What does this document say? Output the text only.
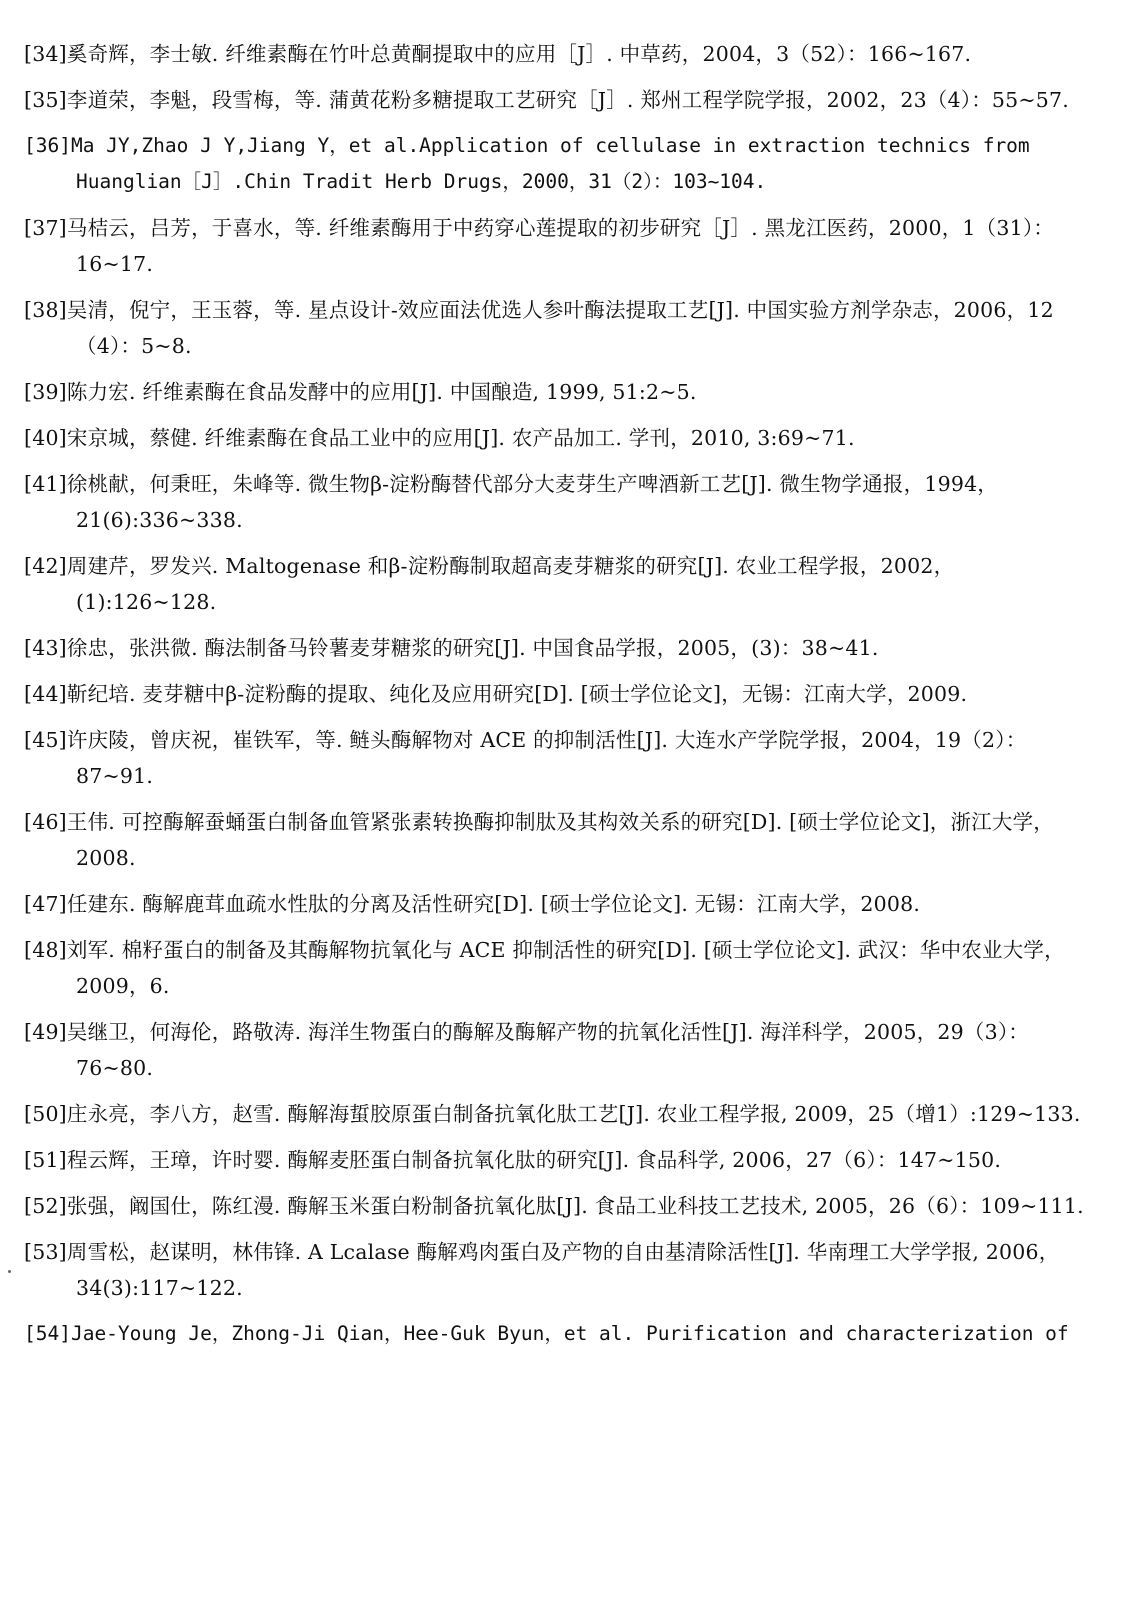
[34]奚奇辉，李士敏. 纤维素酶在竹叶总黄酮提取中的应用［J］. 中草药，2004，3（52）：166~167.
[35]李道荣，李魁，段雪梅，等. 蒲黄花粉多糖提取工艺研究［J］. 郑州工程学院学报，2002，23（4）：55~57.
[36]Ma JY,Zhao J Y,Jiang Y，et al.Application of cellulase in extraction technics from Huanglian［J］.Chin Tradit Herb Drugs，2000，31（2）：103~104.
[37]马桔云，吕芳，于喜水，等. 纤维素酶用于中药穿心莲提取的初步研究［J］. 黑龙江医药，2000，1（31）：16~17.
[38]吴清，倪宁，王玉蓉，等. 星点设计-效应面法优选人参叶酶法提取工艺[J]. 中国实验方剂学杂志，2006，12（4）：5~8.
[39]陈力宏. 纤维素酶在食品发酵中的应用[J]. 中国酿造, 1999, 51:2~5.
[40]宋京城，蔡健. 纤维素酶在食品工业中的应用[J]. 农产品加工. 学刊，2010, 3:69~71.
[41]徐桃献，何秉旺，朱峰等. 微生物β-淀粉酶替代部分大麦芽生产啤酒新工艺[J]. 微生物学通报，1994，21(6):336~338.
[42]周建芹，罗发兴. Maltogenase 和β-淀粉酶制取超高麦芽糖浆的研究[J]. 农业工程学报，2002，(1):126~128.
[43]徐忠，张洪微. 酶法制备马铃薯麦芽糖浆的研究[J]. 中国食品学报，2005，(3)：38~41.
[44]靳纪培. 麦芽糖中β-淀粉酶的提取、纯化及应用研究[D]. [硕士学位论文]，无锡：江南大学，2009.
[45]许庆陵，曾庆祝，崔铁军，等. 鲢头酶解物对 ACE 的抑制活性[J]. 大连水产学院学报，2004，19（2）：87~91.
[46]王伟. 可控酶解蚕蛹蛋白制备血管紧张素转换酶抑制肽及其构效关系的研究[D]. [硕士学位论文]，浙江大学，2008.
[47]任建东. 酶解鹿茸血疏水性肽的分离及活性研究[D]. [硕士学位论文]. 无锡：江南大学，2008.
[48]刘军. 棉籽蛋白的制备及其酶解物抗氧化与 ACE 抑制活性的研究[D]. [硕士学位论文]. 武汉：华中农业大学，2009，6.
[49]吴继卫，何海伦，路敬涛. 海洋生物蛋白的酶解及酶解产物的抗氧化活性[J]. 海洋科学，2005，29（3）：76~80.
[50]庄永亮，李八方，赵雪. 酶解海蜇胶原蛋白制备抗氧化肽工艺[J]. 农业工程学报, 2009，25（增1）:129~133.
[51]程云辉，王璋，许时婴. 酶解麦胚蛋白制备抗氧化肽的研究[J]. 食品科学, 2006，27（6）：147~150.
[52]张强，阚国仕，陈红漫. 酶解玉米蛋白粉制备抗氧化肽[J]. 食品工业科技工艺技术, 2005，26（6）：109~111.
[53]周雪松，赵谋明，林伟锋. A Lcalase 酶解鸡肉蛋白及产物的自由基清除活性[J]. 华南理工大学学报, 2006，34(3):117~122.
[54]Jae-Young Je，Zhong-Ji Qian，Hee-Guk Byun，et al. Purification and characterization of
